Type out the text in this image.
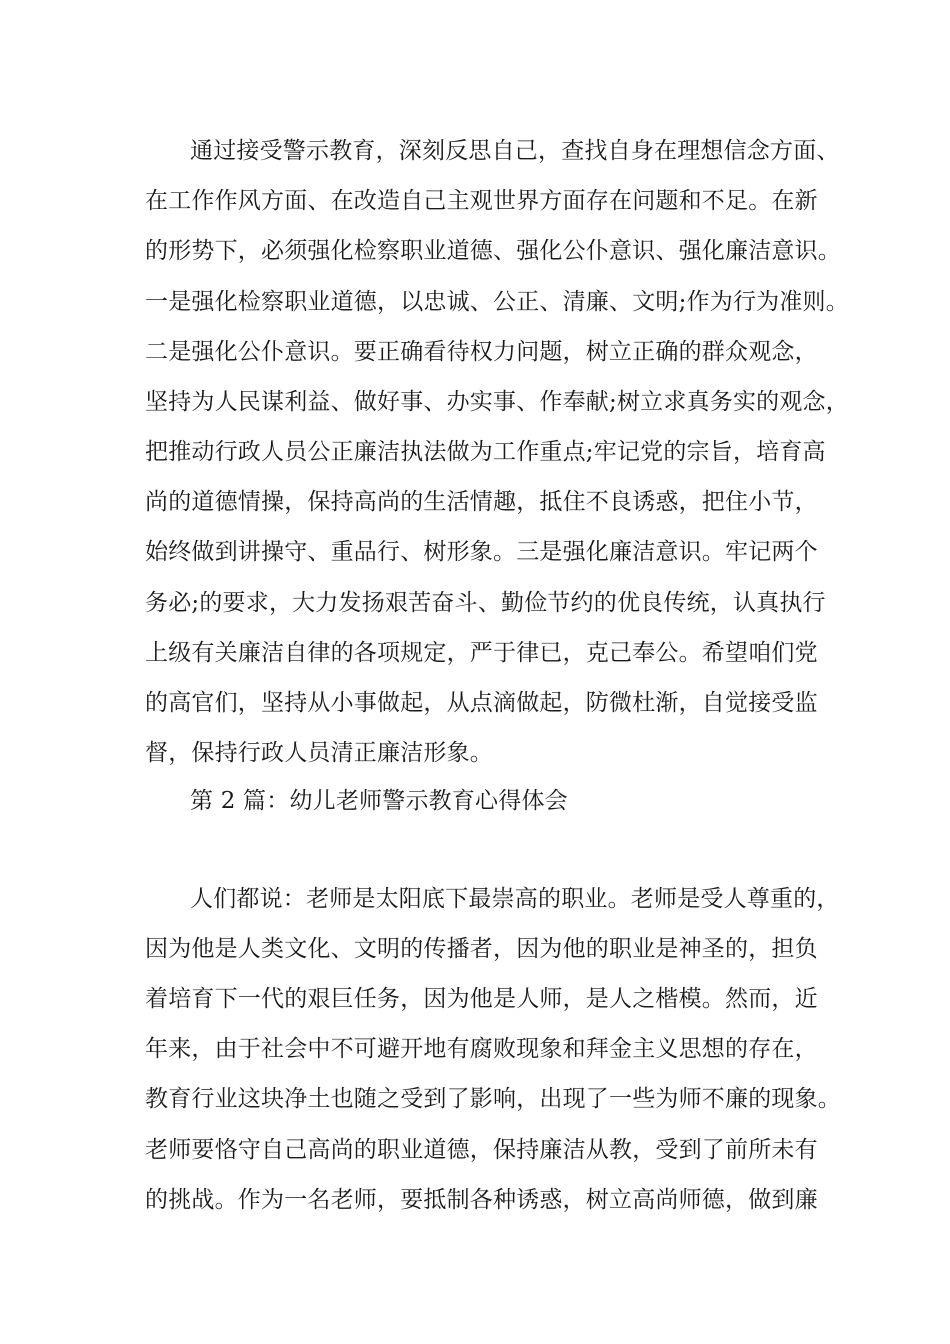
通过接受警示教育，深刻反思自己，查找自身在理想信念方面、
在工作作风方面、在改造自己主观世界方面存在问题和不足。在新
的形势下，必须强化检察职业道德、强化公仆意识、强化廉洁意识。
一是强化检察职业道德，以忠诚、公正、清廉、文明;作为行为准则。
二是强化公仆意识。要正确看待权力问题，树立正确的群众观念，
坚持为人民谋利益、做好事、办实事、作奉献;树立求真务实的观念，
把推动行政人员公正廉洁执法做为工作重点;牢记党的宗旨，培育高
尚的道德情操，保持高尚的生活情趣，抵住不良诱惑，把住小节，
始终做到讲操守、重品行、树形象。三是强化廉洁意识。牢记两个
务必;的要求，大力发扬艰苦奋斗、勤俭节约的优良传统，认真执行
上级有关廉洁自律的各项规定，严于律已，克己奉公。希望咱们党
的高官们，坚持从小事做起，从点滴做起，防微杜渐，自觉接受监
督，保持行政人员清正廉洁形象。
第 2 篇：幼儿老师警示教育心得体会
人们都说：老师是太阳底下最崇高的职业。老师是受人尊重的，
因为他是人类文化、文明的传播者，因为他的职业是神圣的，担负
着培育下一代的艰巨任务，因为他是人师，是人之楷模。然而，近
年来，由于社会中不可避开地有腐败现象和拜金主义思想的存在，
教育行业这块净土也随之受到了影响，出现了一些为师不廉的现象。
老师要恪守自己高尚的职业道德，保持廉洁从教，受到了前所未有
的挑战。作为一名老师，要抵制各种诱惑，树立高尚师德，做到廉
